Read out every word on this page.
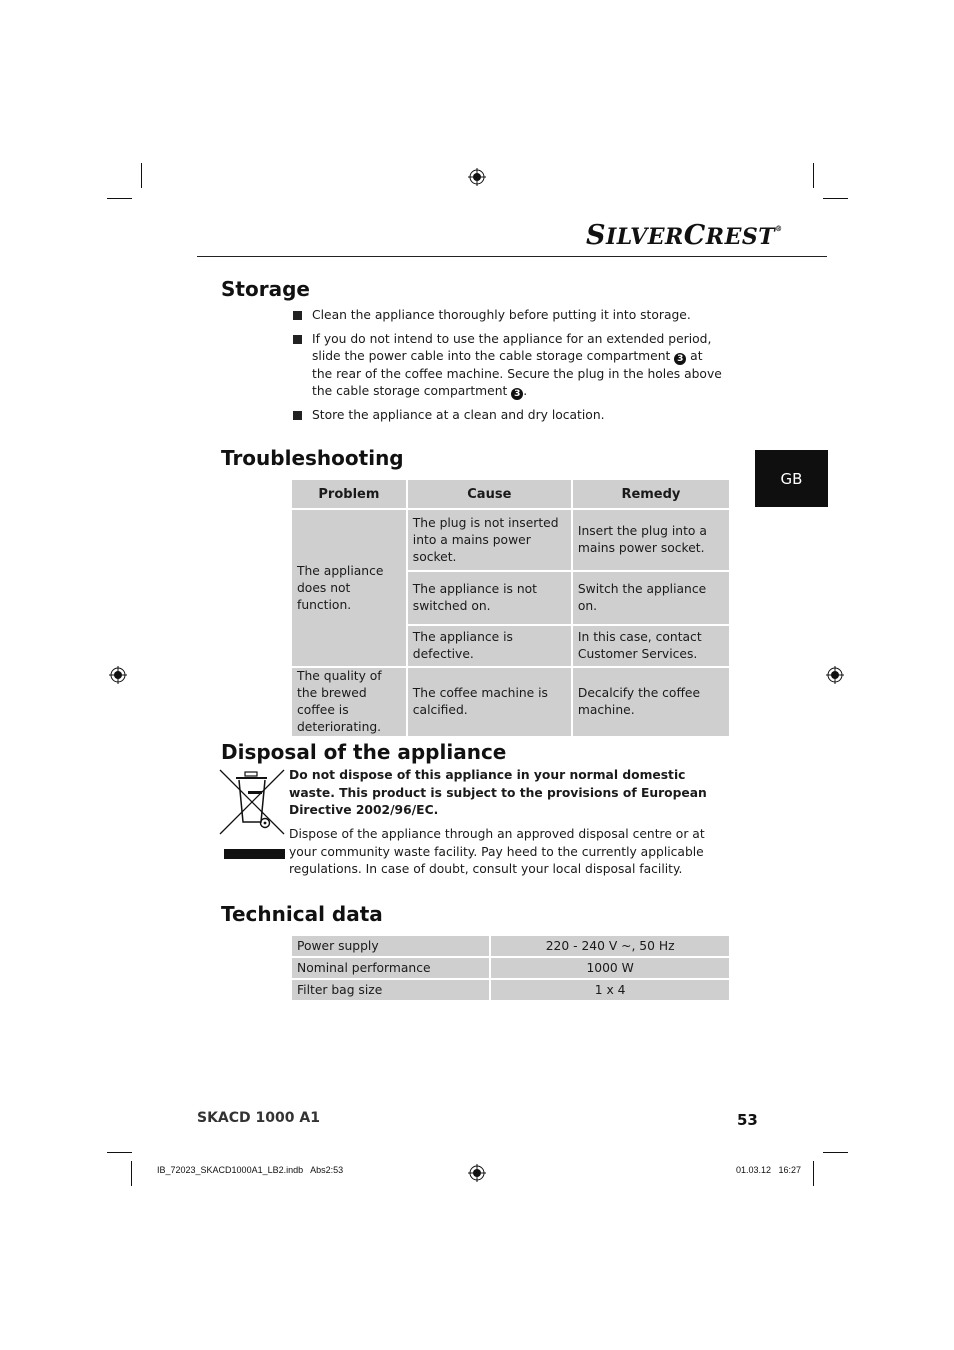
SILVERCREST®
GB
Storage
Clean the appliance thoroughly before putting it into storage.
If you do not intend to use the appliance for an extended period, slide the power cable into the cable storage compartment 3 at the rear of the coffee machine. Secure the plug in the holes above the cable storage compartment 3 .
Store the appliance at a clean and dry location.
Troubleshooting
Problem	Cause	Remedy
The appliance does not function.	The plug is not inserted into a mains power socket.	Insert the plug into a mains power socket.
	The appliance is not switched on.	Switch the appliance on.
	The appliance is defective.	In this case, contact Customer Services.
The quality of the brewed coffee is deteriorating.	The coffee machine is calcified.	Decalcify the coffee machine.
Disposal of the appliance
Do not dispose of this appliance in your normal domestic waste. This product is subject to the provisions of European Directive 2002/96/EC.
Dispose of the appliance through an approved disposal centre or at your community waste facility. Pay heed to the currently applicable regulations. In case of doubt, consult your local disposal facility.
Technical data
Power supply	220 - 240 V ~, 50 Hz
Nominal performance	1000 W
Filter bag size	1 x 4
SKACD 1000 A1	53
IB_72023_SKACD1000A1_LB2.indb   Abs2:53	01.03.12   16:27
